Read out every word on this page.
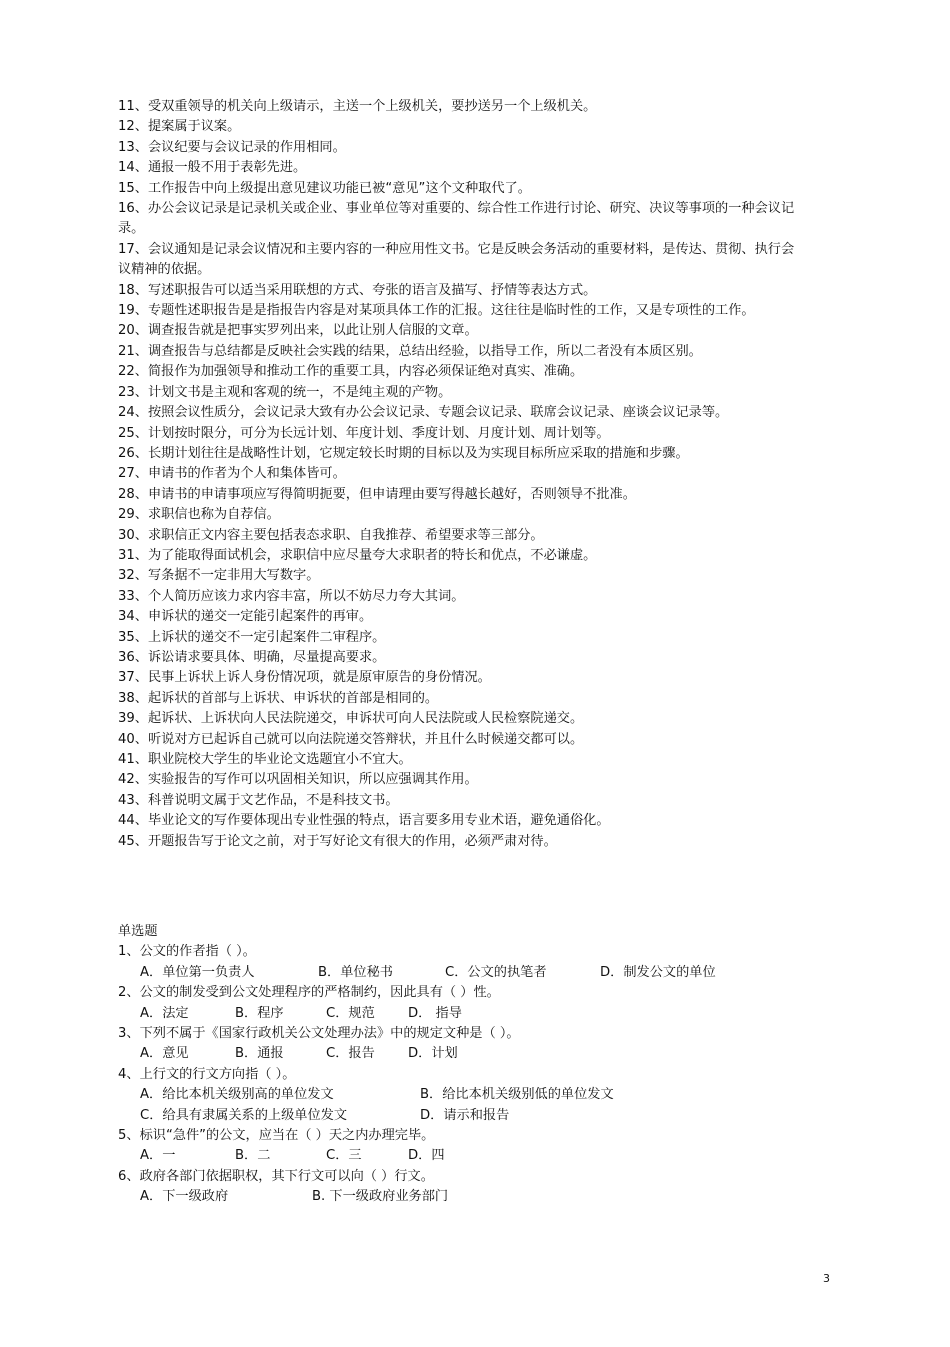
11、受双重领导的机关向上级请示，主送一个上级机关，要抄送另一个上级机关。
12、提案属于议案。
13、会议纪要与会议记录的作用相同。
14、通报一般不用于表彰先进。
15、工作报告中向上级提出意见建议功能已被“意见”这个文种取代了。
16、办公会议记录是记录机关或企业、事业单位等对重要的、综合性工作进行讨论、研究、决议等事项的一种会议记录。
17、会议通知是记录会议情况和主要内容的一种应用性文书。它是反映会务活动的重要材料，是传达、贯彻、执行会议精神的依据。
18、写述职报告可以适当采用联想的方式、夸张的语言及描写、抒情等表达方式。
19、专题性述职报告是是指报告内容是对某项具体工作的汇报。这往往是临时性的工作，又是专项性的工作。
20、调查报告就是把事实罗列出来，以此让别人信服的文章。
21、调查报告与总结都是反映社会实践的结果，总结出经验，以指导工作，所以二者没有本质区别。
22、简报作为加强领导和推动工作的重要工具，内容必须保证绝对真实、准确。
23、计划文书是主观和客观的统一，不是纯主观的产物。
24、按照会议性质分，会议记录大致有办公会议记录、专题会议记录、联席会议记录、座谈会议记录等。
25、计划按时限分，可分为长远计划、年度计划、季度计划、月度计划、周计划等。
26、长期计划往往是战略性计划，它规定较长时期的目标以及为实现目标所应采取的措施和步骤。
27、申请书的作者为个人和集体皆可。
28、申请书的申请事项应写得简明扼要，但申请理由要写得越长越好，否则领导不批准。
29、求职信也称为自荐信。
30、求职信正文内容主要包括表态求职、自我推荐、希望要求等三部分。
31、为了能取得面试机会，求职信中应尽量夸大求职者的特长和优点，不必谦虚。
32、写条据不一定非用大写数字。
33、个人简历应该力求内容丰富，所以不妨尽力夸大其词。
34、申诉状的递交一定能引起案件的再审。
35、上诉状的递交不一定引起案件二审程序。
36、诉讼请求要具体、明确，尽量提高要求。
37、民事上诉状上诉人身份情况项，就是原审原告的身份情况。
38、起诉状的首部与上诉状、申诉状的首部是相同的。
39、起诉状、上诉状向人民法院递交，申诉状可向人民法院或人民检察院递交。
40、听说对方已起诉自己就可以向法院递交答辩状，并且什么时候递交都可以。
41、职业院校大学生的毕业论文选题宜小不宜大。
42、实验报告的写作可以巩固相关知识，所以应强调其作用。
43、科普说明文属于文艺作品，不是科技文书。
44、毕业论文的写作要体现出专业性强的特点，语言要多用专业术语，避免通俗化。
45、开题报告写于论文之前，对于写好论文有很大的作用，必须严肃对待。
单选题
1、公文的作者指（ ）。
A．单位第一负责人	B．单位秘书	C．公文的执笔者	D．制发公文的单位
2、公文的制发受到公文处理程序的严格制约，因此具有（ ）性。
A．法定	B．程序	C．规范	D． 指导
3、下列不属于《国家行政机关公文处理办法》中的规定文种是（ ）。
A．意见	B．通报	C．报告	D．计划
4、上行文的行文方向指（ ）。
A．给比本机关级别高的单位发文	B．给比本机关级别低的单位发文
C．给具有隶属关系的上级单位发文	D．请示和报告
5、标识“急件”的公文，应当在（ ）天之内办理完毕。
A．一	B．二	C．三	D．四
6、政府各部门依据职权，其下行文可以向（ ）行文。
A．下一级政府	B. 下一级政府业务部门
3
